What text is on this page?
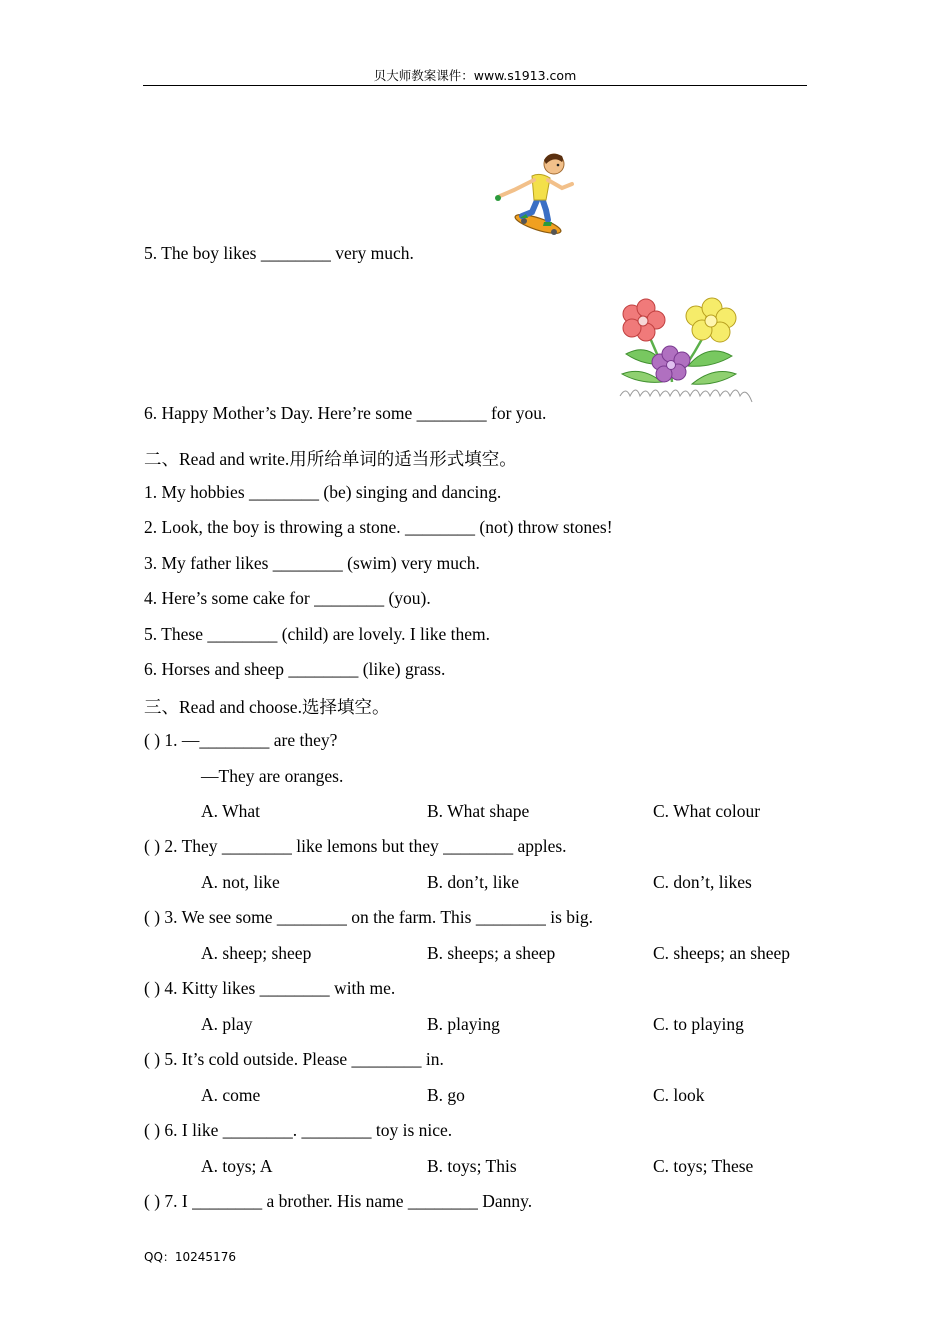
贝大师教案课件：www.s1913.com
5. The boy likes ________ very much.
6. Happy Mother’s Day. Here’re some ________ for you.
二、Read and write.用所给单词的适当形式填空。
1. My hobbies ________ (be) singing and dancing.
2. Look, the boy is throwing a stone. ________ (not) throw stones!
3. My father likes ________ (swim) very much.
4. Here’s some cake for ________ (you).
5. These ________ (child) are lovely. I like them.
6. Horses and sheep ________ (like) grass.
三、Read and choose.选择填空。
( ) 1. —________ are they?
—They are oranges.
A. What	B. What shape	C. What colour
( ) 2. They ________ like lemons but they ________ apples.
A. not, like	B. don’t, like	C. don’t, likes
( ) 3. We see some ________ on the farm. This ________ is big.
A. sheep; sheep	B. sheeps; a sheep	C. sheeps; an sheep
( ) 4. Kitty likes ________ with me.
A. play	B. playing	C. to playing
( ) 5. It’s cold outside. Please ________ in.
A. come	B. go	C. look
( ) 6. I like ________. ________ toy is nice.
A. toys; A	B. toys; This	C. toys; These
( ) 7. I ________ a brother. His name ________ Danny.
QQ：10245176
